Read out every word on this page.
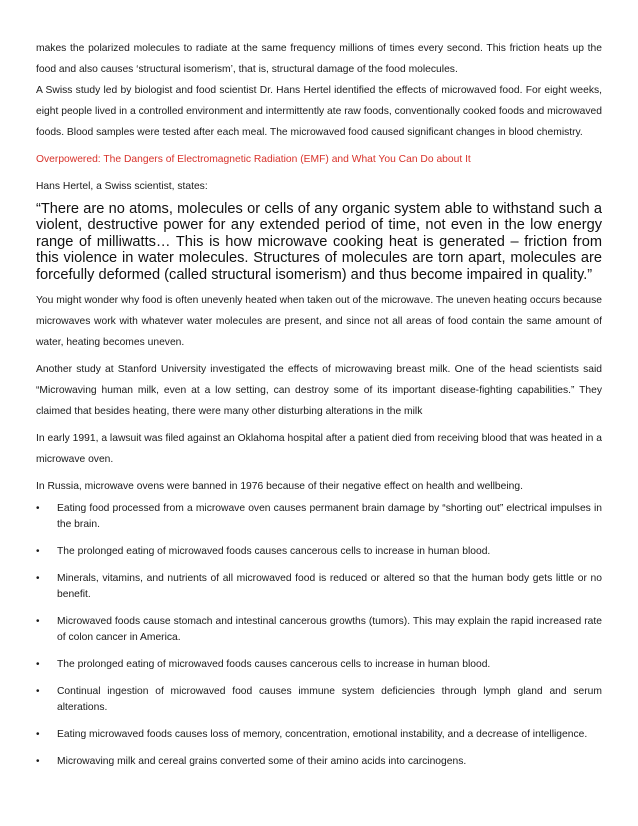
makes the polarized molecules to radiate at the same frequency millions of times every second. This friction heats up the food and also causes ‘structural isomerism’, that is, structural damage of the food molecules.

A Swiss study led by biologist and food scientist Dr. Hans Hertel identified the effects of microwaved food. For eight weeks, eight people lived in a controlled environment and intermittently ate raw foods, conventionally cooked foods and microwaved foods. Blood samples were tested after each meal. The microwaved food caused significant changes in blood chemistry.

Overpowered: The Dangers of Electromagnetic Radiation (EMF) and What You Can Do about It

Hans Hertel, a Swiss scientist, states:

“There are no atoms, molecules or cells of any organic system able to withstand such a violent, destructive power for any extended period of time, not even in the low energy range of milliwatts… This is how microwave cooking heat is generated – friction from this violence in water molecules. Structures of molecules are torn apart, molecules are forcefully deformed (called structural isomerism) and thus become impaired in quality.”

You might wonder why food is often unevenly heated when taken out of the microwave. The uneven heating occurs because microwaves work with whatever water molecules are present, and since not all areas of food contain the same amount of water, heating becomes uneven.

Another study at Stanford University investigated the effects of microwaving breast milk. One of the head scientists said “Microwaving human milk, even at a low setting, can destroy some of its important disease-fighting capabilities.” They claimed that besides heating, there were many other disturbing alterations in the milk

In early 1991, a lawsuit was filed against an Oklahoma hospital after a patient died from receiving blood that was heated in a microwave oven.

In Russia, microwave ovens were banned in 1976 because of their negative effect on health and wellbeing.

• Eating food processed from a microwave oven causes permanent brain damage by “shorting out” electrical impulses in the brain.
• The prolonged eating of microwaved foods causes cancerous cells to increase in human blood.
• Minerals, vitamins, and nutrients of all microwaved food is reduced or altered so that the human body gets little or no benefit.
• Microwaved foods cause stomach and intestinal cancerous growths (tumors). This may explain the rapid increased rate of colon cancer in America.
• The prolonged eating of microwaved foods causes cancerous cells to increase in human blood.
• Continual ingestion of microwaved food causes immune system deficiencies through lymph gland and serum alterations.
• Eating microwaved foods causes loss of memory, concentration, emotional instability, and a decrease of intelligence.
• Microwaving milk and cereal grains converted some of their amino acids into carcinogens.
